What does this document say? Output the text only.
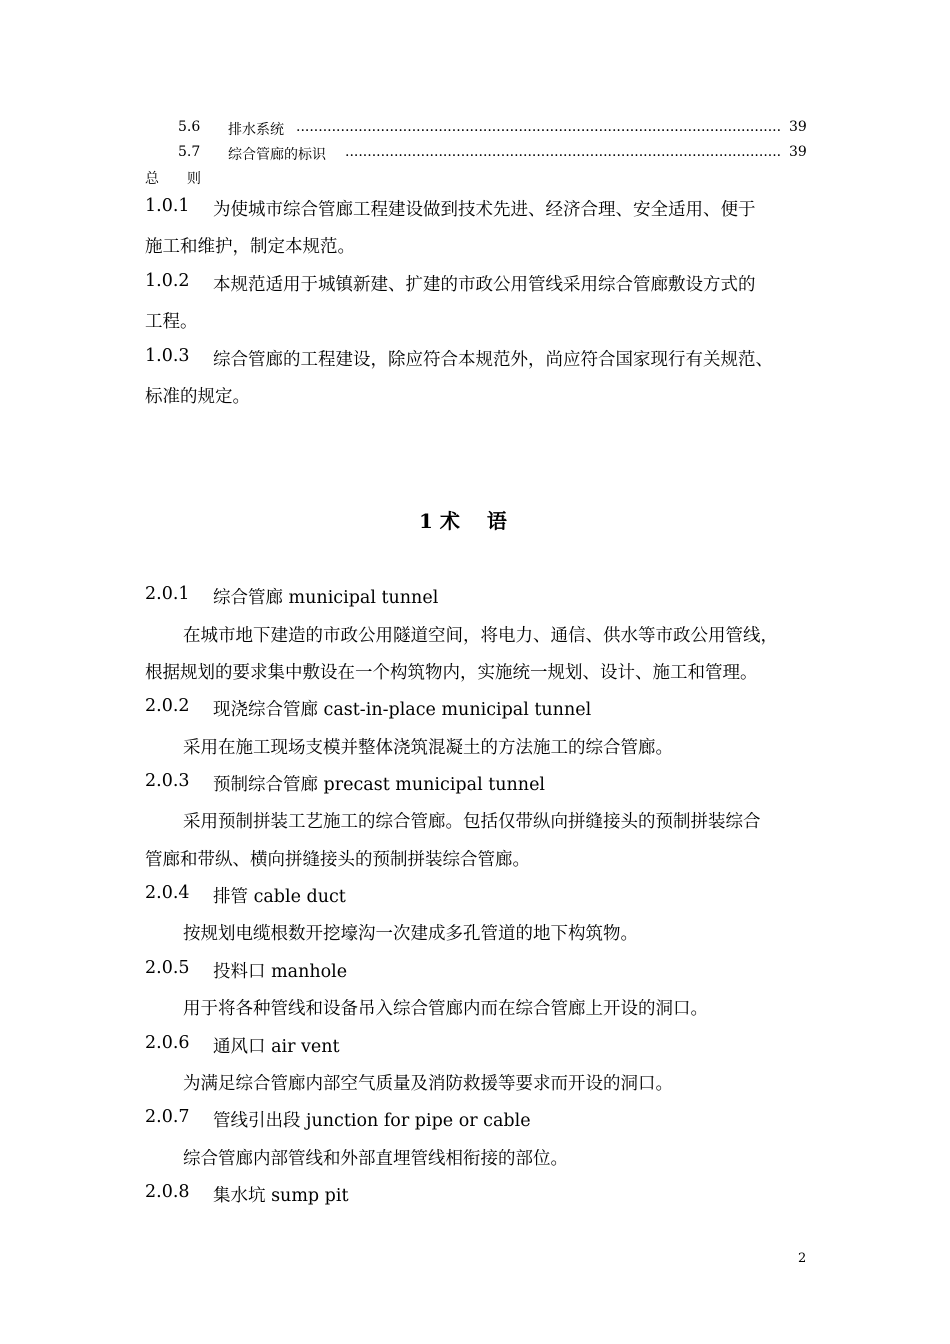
5.6 排水系统 .....	39
5.7 综合管廊的标识 .....	39
总　　则
1.0.1 为使城市综合管廊工程建设做到技术先进、经济合理、安全适用、便于
施工和维护，制定本规范。
1.0.2 本规范适用于城镇新建、扩建的市政公用管线采用综合管廊敷设方式的
工程。
1.0.3 综合管廊的工程建设，除应符合本规范外，尚应符合国家现行有关规范、
标准的规定。
1 术　 语
2.0.1 综合管廊 municipal tunnel
在城市地下建造的市政公用隧道空间，将电力、通信、供水等市政公用管线，
根据规划的要求集中敷设在一个构筑物内，实施统一规划、设计、施工和管理。
2.0.2 现浇综合管廊 cast-in-place municipal tunnel
采用在施工现场支模并整体浇筑混凝土的方法施工的综合管廊。
2.0.3 预制综合管廊 precast municipal tunnel
采用预制拼装工艺施工的综合管廊。包括仅带纵向拼缝接头的预制拼装综合
管廊和带纵、横向拼缝接头的预制拼装综合管廊。
2.0.4 排管 cable duct
按规划电缆根数开挖壕沟一次建成多孔管道的地下构筑物。
2.0.5 投料口 manhole
用于将各种管线和设备吊入综合管廊内而在综合管廊上开设的洞口。
2.0.6 通风口 air vent
为满足综合管廊内部空气质量及消防救援等要求而开设的洞口。
2.0.7 管线引出段 junction for pipe or cable
综合管廊内部管线和外部直埋管线相衔接的部位。
2.0.8 集水坑 sump pit
2
